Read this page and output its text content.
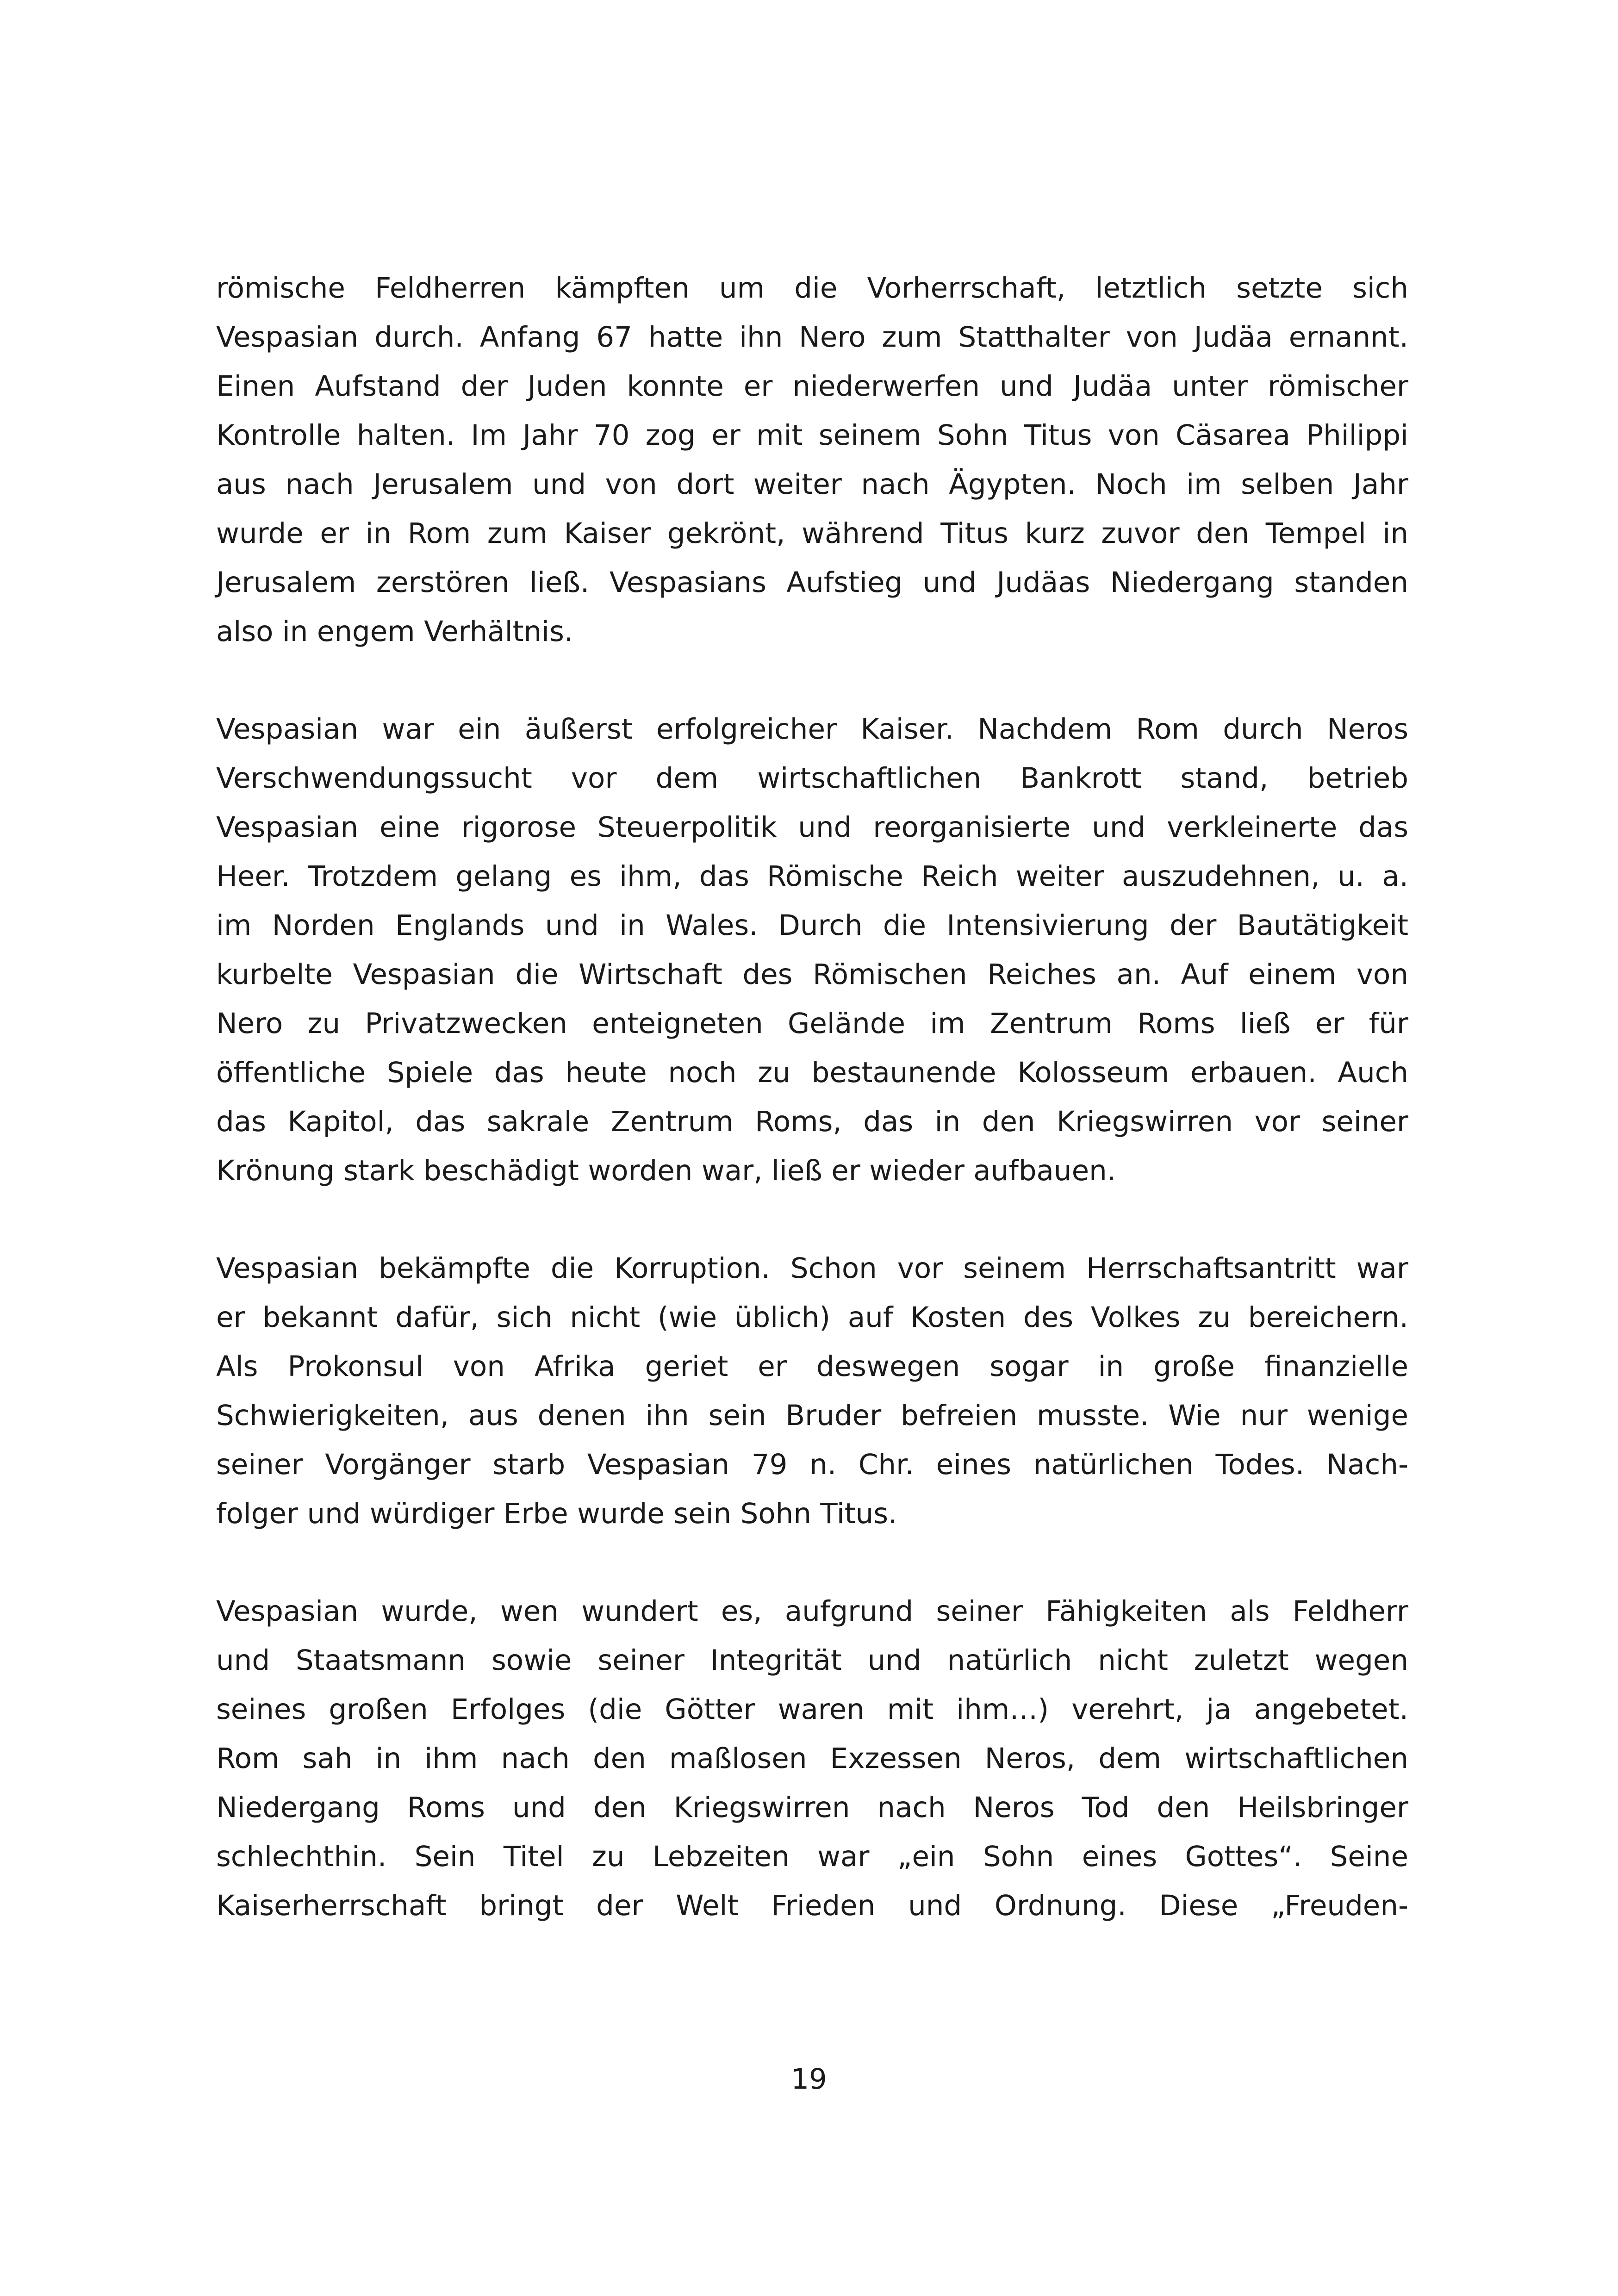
römische Feldherren kämpften um die Vorherrschaft, letztlich setzte sich
Vespasian durch. Anfang 67 hatte ihn Nero zum Statthalter von Judäa ernannt.
Einen Aufstand der Juden konnte er niederwerfen und Judäa unter römischer
Kontrolle halten. Im Jahr 70 zog er mit seinem Sohn Titus von Cäsarea Philippi
aus nach Jerusalem und von dort weiter nach Ägypten. Noch im selben Jahr
wurde er in Rom zum Kaiser gekrönt, während Titus kurz zuvor den Tempel in
Jerusalem zerstören ließ. Vespasians Aufstieg und Judäas Niedergang standen
also in engem Verhältnis.
Vespasian war ein äußerst erfolgreicher Kaiser. Nachdem Rom durch Neros
Verschwendungssucht vor dem wirtschaftlichen Bankrott stand, betrieb
Vespasian eine rigorose Steuerpolitik und reorganisierte und verkleinerte das
Heer. Trotzdem gelang es ihm, das Römische Reich weiter auszudehnen, u. a.
im Norden Englands und in Wales. Durch die Intensivierung der Bautätigkeit
kurbelte Vespasian die Wirtschaft des Römischen Reiches an. Auf einem von
Nero zu Privatzwecken enteigneten Gelände im Zentrum Roms ließ er für
öffentliche Spiele das heute noch zu bestaunende Kolosseum erbauen. Auch
das Kapitol, das sakrale Zentrum Roms, das in den Kriegswirren vor seiner
Krönung stark beschädigt worden war, ließ er wieder aufbauen.
Vespasian bekämpfte die Korruption. Schon vor seinem Herrschaftsantritt war
er bekannt dafür, sich nicht (wie üblich) auf Kosten des Volkes zu bereichern.
Als Prokonsul von Afrika geriet er deswegen sogar in große finanzielle
Schwierigkeiten, aus denen ihn sein Bruder befreien musste. Wie nur wenige
seiner Vorgänger starb Vespasian 79 n. Chr. eines natürlichen Todes. Nach-
folger und würdiger Erbe wurde sein Sohn Titus.
Vespasian wurde, wen wundert es, aufgrund seiner Fähigkeiten als Feldherr
und Staatsmann sowie seiner Integrität und natürlich nicht zuletzt wegen
seines großen Erfolges (die Götter waren mit ihm…) verehrt, ja angebetet.
Rom sah in ihm nach den maßlosen Exzessen Neros, dem wirtschaftlichen
Niedergang Roms und den Kriegswirren nach Neros Tod den Heilsbringer
schlechthin. Sein Titel zu Lebzeiten war „ein Sohn eines Gottes“. Seine
Kaiserherrschaft bringt der Welt Frieden und Ordnung. Diese „Freuden-
19
